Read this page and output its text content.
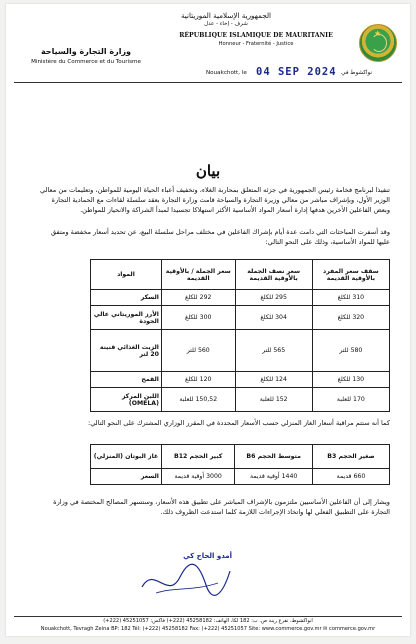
الجمهورية الإسلامية الموريتانية
شرف - إخاء - عدل
★
RÉPUBLIQUE ISLAMIQUE DE MAURITANIE
Honneur - Fraternité - Justice
وزارة التجارة والسياحة
Ministère du Commerce et du Tourisme
Nouakchott, le 04 SEP 2024 نواكشوط في
بيان
تنفيذا لبرنامج فخامة رئيس الجمهورية في جزئه المتعلق بمحاربة الغلاء، وتخفيف أعباء الحياة اليومية للمواطن، وتعليمات من معالي الوزير الأول، وبإشراف مباشر من معالي وزيرة التجارة والسياحة قامت وزارة التجارة بعقد سلسلة لقاءات مع الحمادية التجارة وبعض الفاعلين الأخرين هدفها إدارة أسعار المواد الأساسية الأكثر استهلاكا تجسيدا لمبدأ الشراكة والانحياز للمواطن.
وقد أسفرت المباحثات التي دامت عدة أيام بإشراك الفاعلين في مختلف مراحل سلسلة البيع، عن تحديد أسعار مخفضة ومتفق عليها للمواد الأساسية، وذلك على النحو التالي:
المواد	سعر الجملة / بالأوقية القديمة	سعر نصف الجملة بالأوقية القديمة	سقف سعر المفرد بالأوقية القديمة
السكر	292 للكلغ	295 للكلغ	310 للكلغ
الأرز الموريتاني عالي الجودة	300 للكلغ	304 للكلغ	320 للكلغ
الزيت الغذائي قنينة 20 لتر	560 للتر	565 للتر	580 للتر
القمح	120 للكلغ	124 للكلغ	130 للكلغ
اللبن المركز (OMELA)	150,52 للعلبة	152 للعلبة	170 للعلبة
كما أنه ستتم مراقبة أسعار الغاز المنزلي حسب الأسعار المحددة في المقرر الوزاري المشترك على النحو التالي:
غاز البوتان (المنزلي)	B12 كبير الحجم	B6 متوسط الحجم	B3 صغير الحجم
السعر	3000 أوقية قديمة	1440 أوقية قديمة	660 قديمة
ويشار إلى أن الفاعلين الأساسيين ملتزمون بالإشراف المباشر على تطبيق هذه الأسعار، وستسهر المصالح المختصة في وزارة التجارة على التطبيق الفعلي لها واتخاذ الإجراءات اللازمة كلما استدعت الظروف ذلك.
أمدو الحاج كي
انواكشوط، تفرغ زينة ص. ب: 182 لكا، الهاتف: 45258182 (222+) فاكس: 45251057 (222+)
Nouakchott, Tevragh Zeina BP: 182 Tél: (+222) 45258182 Fax: (+222) 45251057 Site: www.commerce.gov.mr ✉ commerce.gov.mr
